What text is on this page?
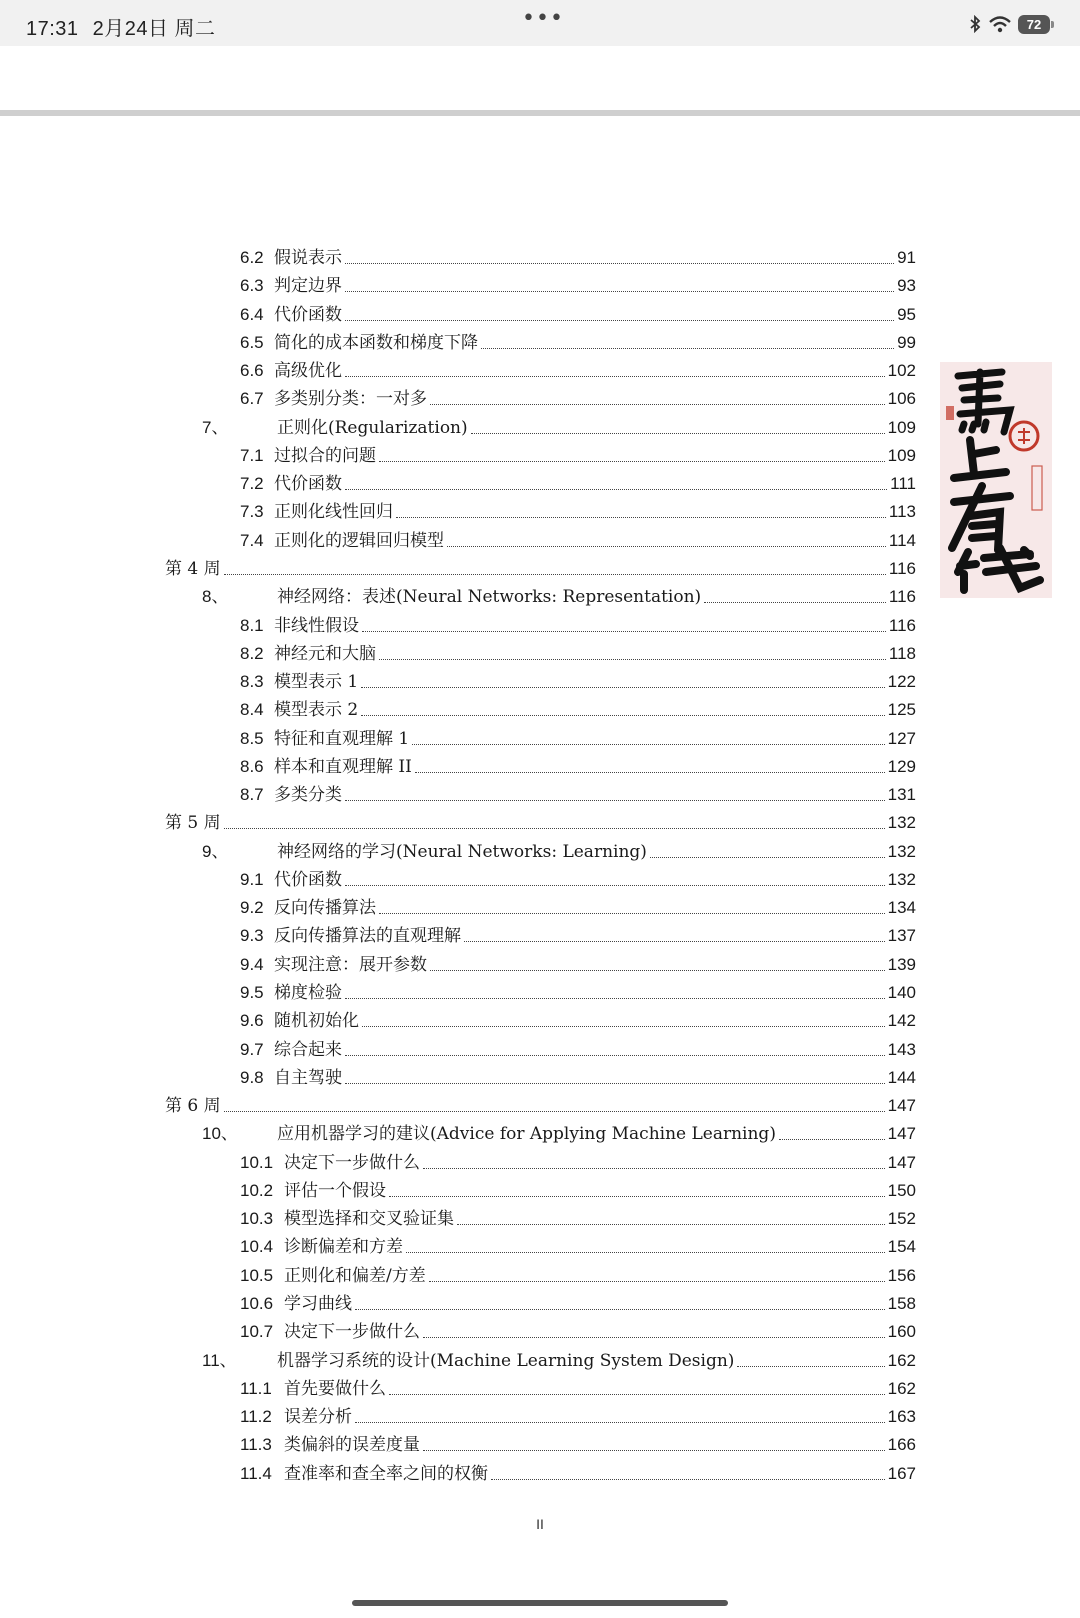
17:31 2月24日 周二	•••	72
6.2 假说表示	91
6.3 判定边界	93
6.4 代价函数	95
6.5 简化的成本函数和梯度下降	99
6.6 高级优化	102
6.7 多类别分类：一对多	106
7、	正则化(Regularization)	109
7.1 过拟合的问题	109
7.2 代价函数	111
7.3 正则化线性回归	113
7.4 正则化的逻辑回归模型	114
第 4 周	116
8、	神经网络：表述(Neural Networks: Representation)	116
8.1 非线性假设	116
8.2 神经元和大脑	118
8.3 模型表示 1	122
8.4 模型表示 2	125
8.5 特征和直观理解 1	127
8.6 样本和直观理解 II	129
8.7 多类分类	131
第 5 周	132
9、	神经网络的学习(Neural Networks: Learning)	132
9.1 代价函数	132
9.2 反向传播算法	134
9.3 反向传播算法的直观理解	137
9.4 实现注意：展开参数	139
9.5 梯度检验	140
9.6 随机初始化	142
9.7 综合起来	143
9.8 自主驾驶	144
第 6 周	147
10、	应用机器学习的建议(Advice for Applying Machine Learning)	147
10.1 决定下一步做什么	147
10.2 评估一个假设	150
10.3 模型选择和交叉验证集	152
10.4 诊断偏差和方差	154
10.5 正则化和偏差/方差	156
10.6 学习曲线	158
10.7 决定下一步做什么	160
11、	机器学习系统的设计(Machine Learning System Design)	162
11.1 首先要做什么	162
11.2 误差分析	163
11.3 类偏斜的误差度量	166
11.4 查准率和查全率之间的权衡	167
II
